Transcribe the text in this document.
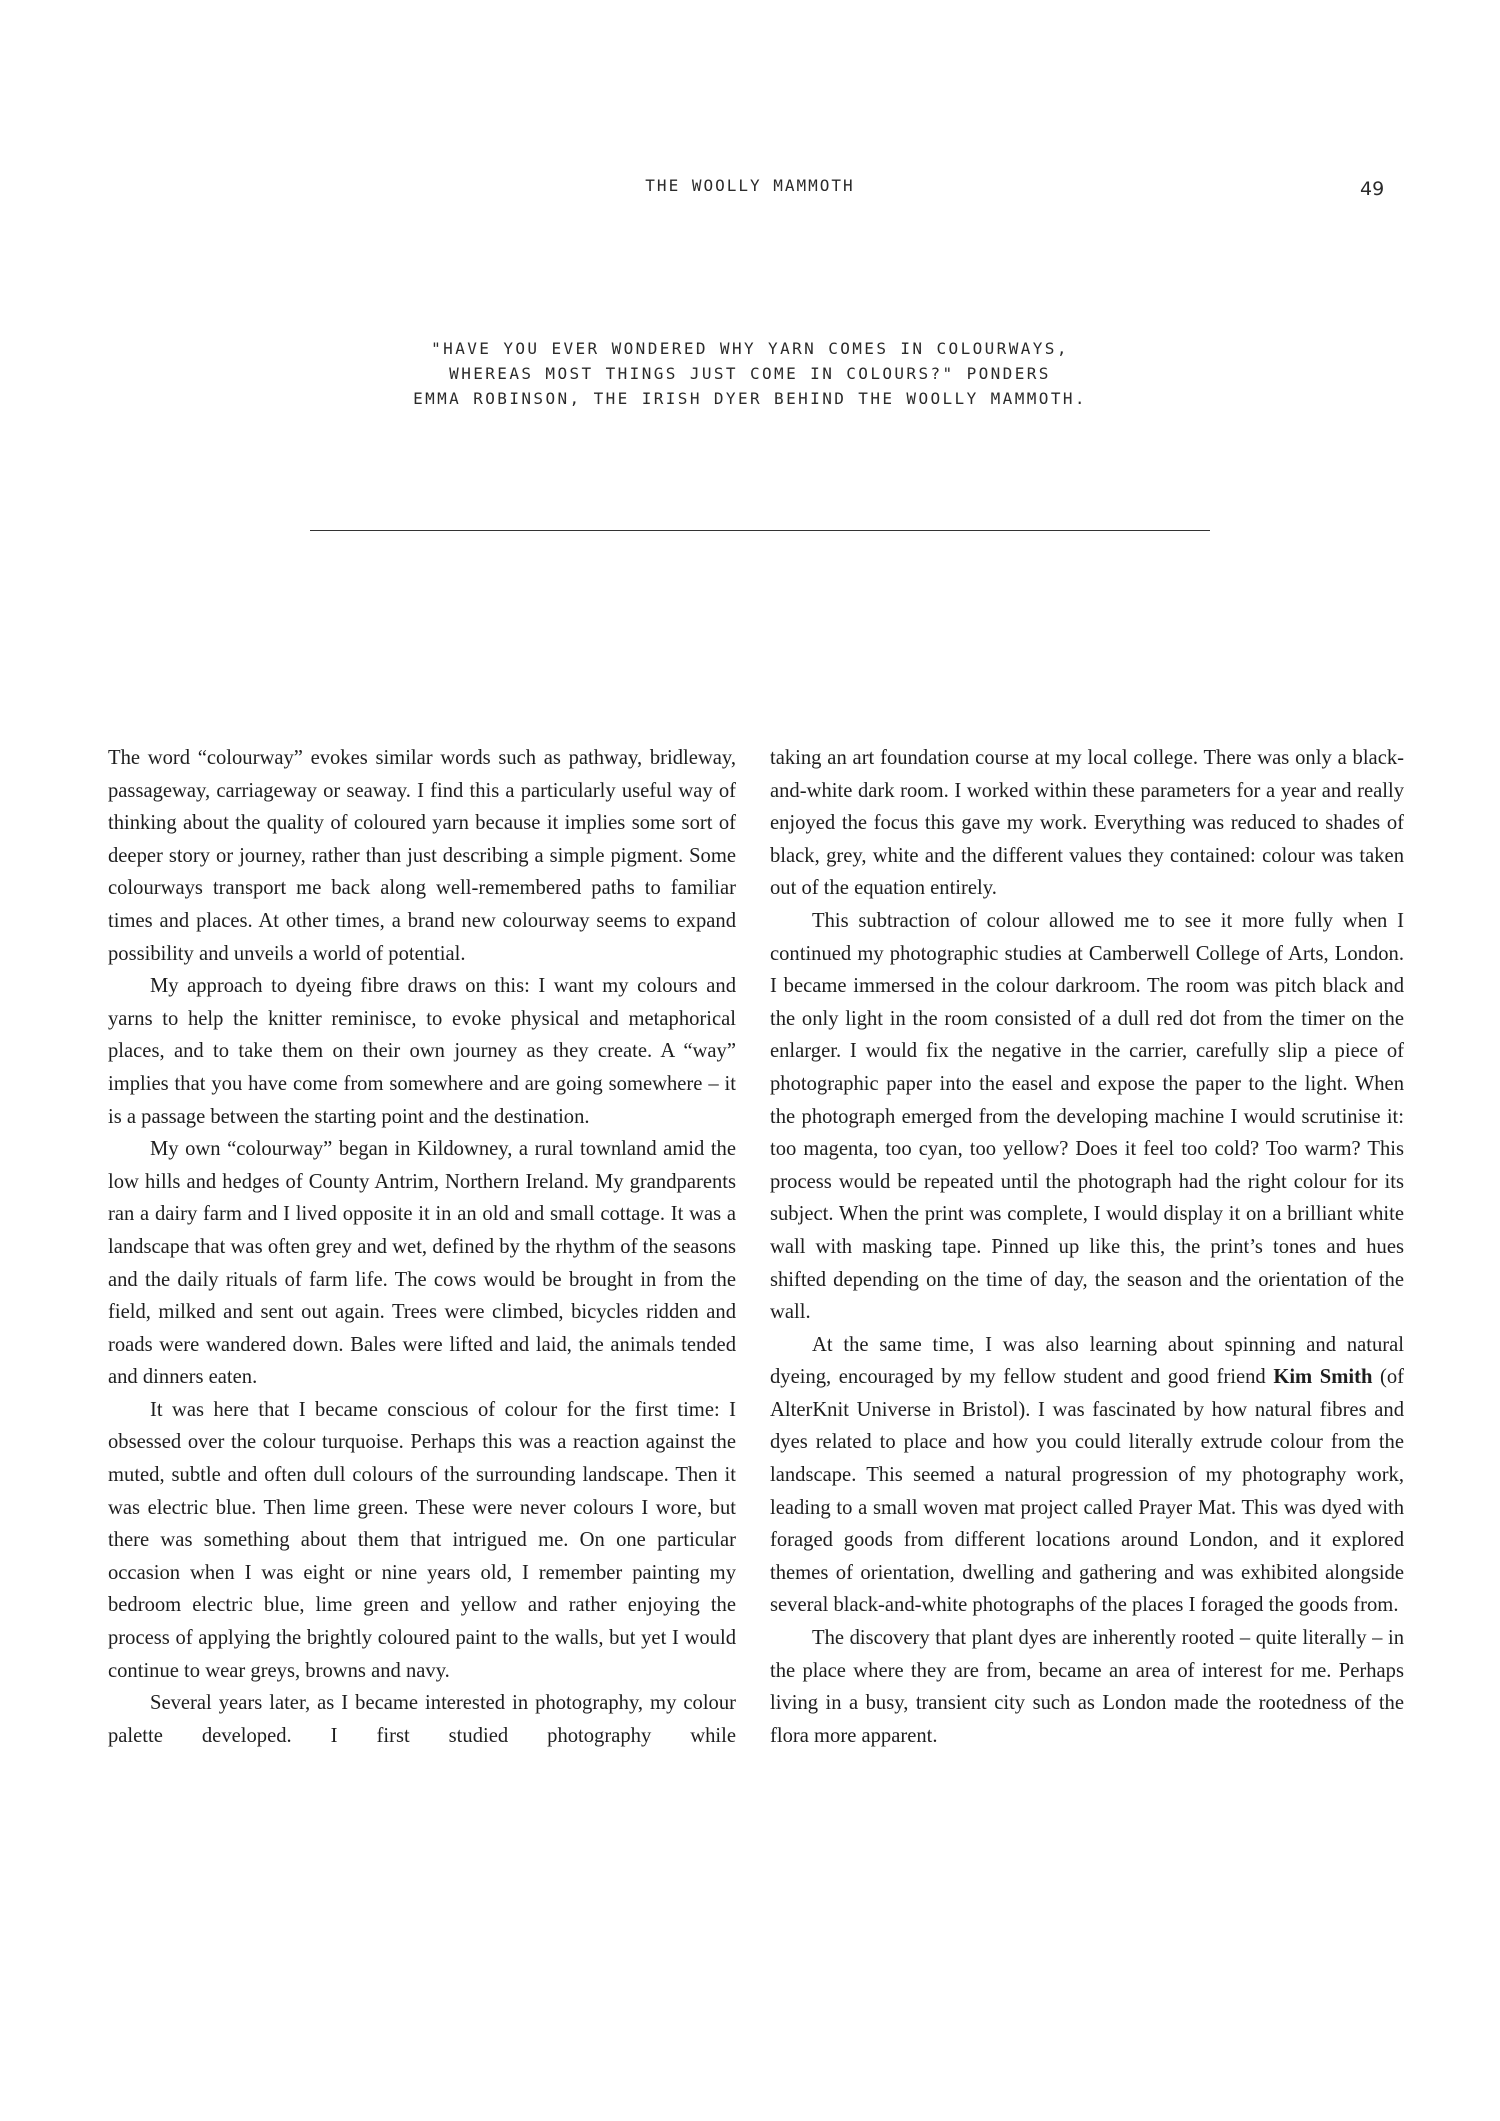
THE WOOLLY MAMMOTH	49
"HAVE YOU EVER WONDERED WHY YARN COMES IN COLOURWAYS,
WHEREAS MOST THINGS JUST COME IN COLOURS?" PONDERS
EMMA ROBINSON, THE IRISH DYER BEHIND THE WOOLLY MAMMOTH.

The word “colourway” evokes similar words such as pathway, bridleway, passageway, carriageway or seaway. I find this a particularly useful way of thinking about the quality of coloured yarn because it implies some sort of deeper story or journey, rather than just describing a simple pigment. Some colourways transport me back along well-remembered paths to familiar times and places. At other times, a brand new colourway seems to expand possibility and unveils a world of potential.

My approach to dyeing fibre draws on this: I want my colours and yarns to help the knitter reminisce, to evoke physical and metaphorical places, and to take them on their own journey as they create. A “way” implies that you have come from somewhere and are going somewhere – it is a passage between the starting point and the destination.

My own “colourway” began in Kildowney, a rural townland amid the low hills and hedges of County Antrim, Northern Ireland. My grandparents ran a dairy farm and I lived opposite it in an old and small cottage. It was a landscape that was often grey and wet, defined by the rhythm of the seasons and the daily rituals of farm life. The cows would be brought in from the field, milked and sent out again. Trees were climbed, bicycles ridden and roads were wandered down. Bales were lifted and laid, the animals tended and dinners eaten.

It was here that I became conscious of colour for the first time: I obsessed over the colour turquoise. Perhaps this was a reaction against the muted, subtle and often dull colours of the surrounding landscape. Then it was electric blue. Then lime green. These were never colours I wore, but there was something about them that intrigued me. On one particular occasion when I was eight or nine years old, I remember painting my bedroom electric blue, lime green and yellow and rather enjoying the process of applying the brightly coloured paint to the walls, but yet I would continue to wear greys, browns and navy.

Several years later, as I became interested in photography, my colour palette developed. I first studied photography while

taking an art foundation course at my local college. There was only a black-and-white dark room. I worked within these parameters for a year and really enjoyed the focus this gave my work. Everything was reduced to shades of black, grey, white and the different values they contained: colour was taken out of the equation entirely.

This subtraction of colour allowed me to see it more fully when I continued my photographic studies at Camberwell College of Arts, London. I became immersed in the colour darkroom. The room was pitch black and the only light in the room consisted of a dull red dot from the timer on the enlarger. I would fix the negative in the carrier, carefully slip a piece of photographic paper into the easel and expose the paper to the light. When the photograph emerged from the developing machine I would scrutinise it: too magenta, too cyan, too yellow? Does it feel too cold? Too warm? This process would be repeated until the photograph had the right colour for its subject. When the print was complete, I would display it on a brilliant white wall with masking tape. Pinned up like this, the print’s tones and hues shifted depending on the time of day, the season and the orientation of the wall.

At the same time, I was also learning about spinning and natural dyeing, encouraged by my fellow student and good friend Kim Smith (of AlterKnit Universe in Bristol). I was fascinated by how natural fibres and dyes related to place and how you could literally extrude colour from the landscape. This seemed a natural progression of my photography work, leading to a small woven mat project called Prayer Mat. This was dyed with foraged goods from different locations around London, and it explored themes of orientation, dwelling and gathering and was exhibited alongside several black-and-white photographs of the places I foraged the goods from.

The discovery that plant dyes are inherently rooted – quite literally – in the place where they are from, became an area of interest for me. Perhaps living in a busy, transient city such as London made the rootedness of the flora more apparent.
